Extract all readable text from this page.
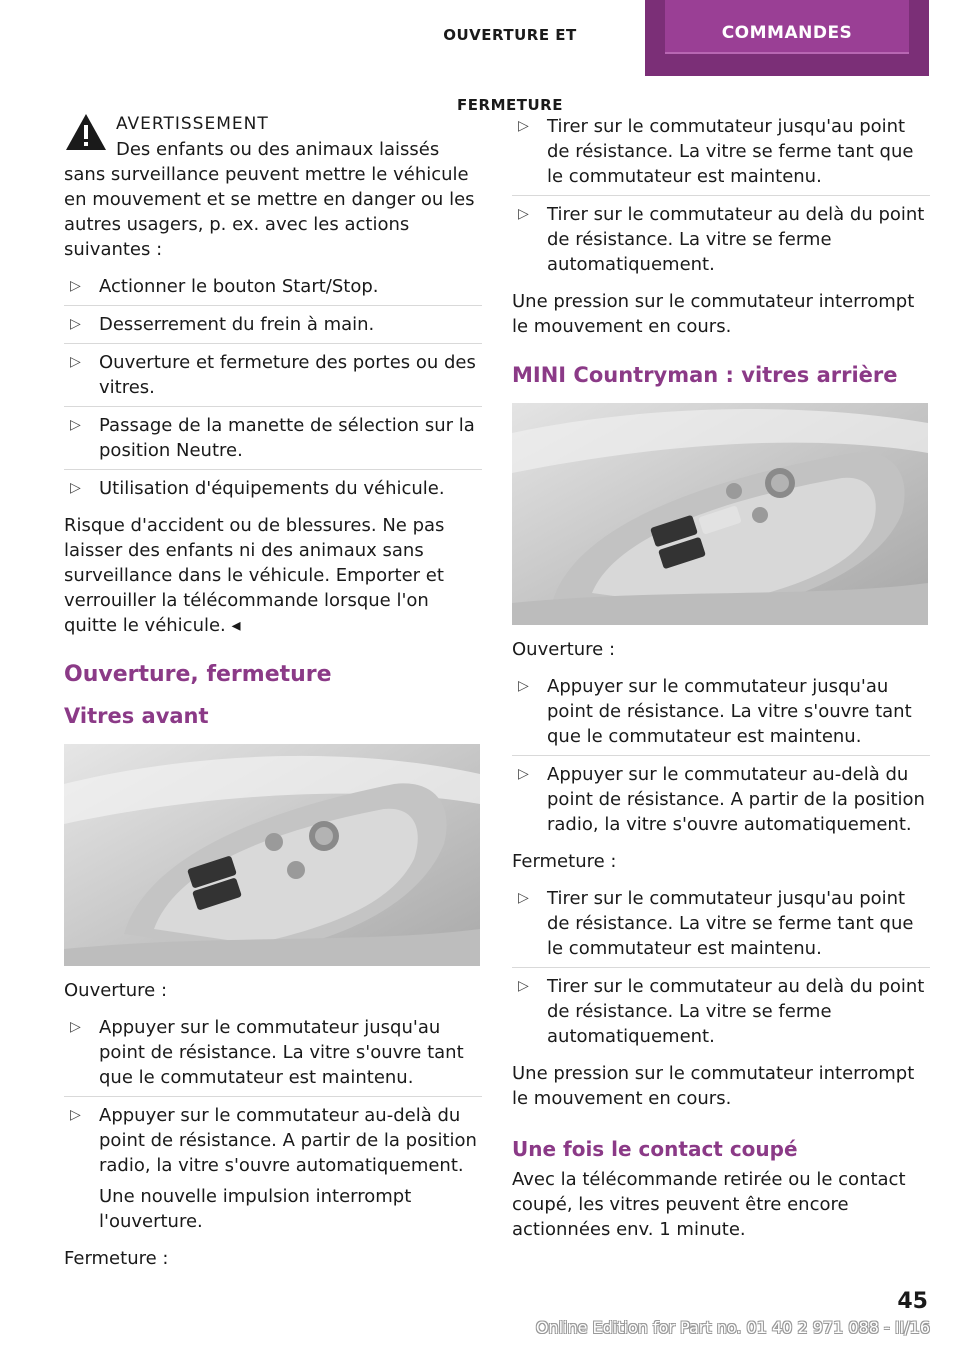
OUVERTURE ET FERMETURE
COMMANDES
AVERTISSEMENT

Des enfants ou des animaux laissés sans surveillance peuvent mettre le véhicule en mouvement et se mettre en danger ou les autres usagers, p. ex. avec les actions suivantes :

▷ Actionner le bouton Start/Stop.
▷ Desserrement du frein à main.
▷ Ouverture et fermeture des portes ou des vitres.
▷ Passage de la manette de sélection sur la position Neutre.
▷ Utilisation d'équipements du véhicule.

Risque d'accident ou de blessures. Ne pas laisser des enfants ni des animaux sans surveillance dans le véhicule. Emporter et verrouiller la télécommande lorsque l'on quitte le véhicule. ◂

Ouverture, fermeture
Vitres avant

Ouverture :

▷ Appuyer sur le commutateur jusqu'au point de résistance. La vitre s'ouvre tant que le commutateur est maintenu.
▷ Appuyer sur le commutateur au-delà du point de résistance. A partir de la position radio, la vitre s'ouvre automatiquement.
Une nouvelle impulsion interrompt l'ouverture.

Fermeture :

▷ Tirer sur le commutateur jusqu'au point de résistance. La vitre se ferme tant que le commutateur est maintenu.
▷ Tirer sur le commutateur au delà du point de résistance. La vitre se ferme automatiquement.

Une pression sur le commutateur interrompt le mouvement en cours.

MINI Countryman : vitres arrière

Ouverture :

▷ Appuyer sur le commutateur jusqu'au point de résistance. La vitre s'ouvre tant que le commutateur est maintenu.
▷ Appuyer sur le commutateur au-delà du point de résistance. A partir de la position radio, la vitre s'ouvre automatiquement.

Fermeture :

▷ Tirer sur le commutateur jusqu'au point de résistance. La vitre se ferme tant que le commutateur est maintenu.
▷ Tirer sur le commutateur au delà du point de résistance. La vitre se ferme automatiquement.

Une pression sur le commutateur interrompt le mouvement en cours.

Une fois le contact coupé

Avec la télécommande retirée ou le contact coupé, les vitres peuvent être encore actionnées env. 1 minute.

45
Online Edition for Part no. 01 40 2 971 088 - II/16
